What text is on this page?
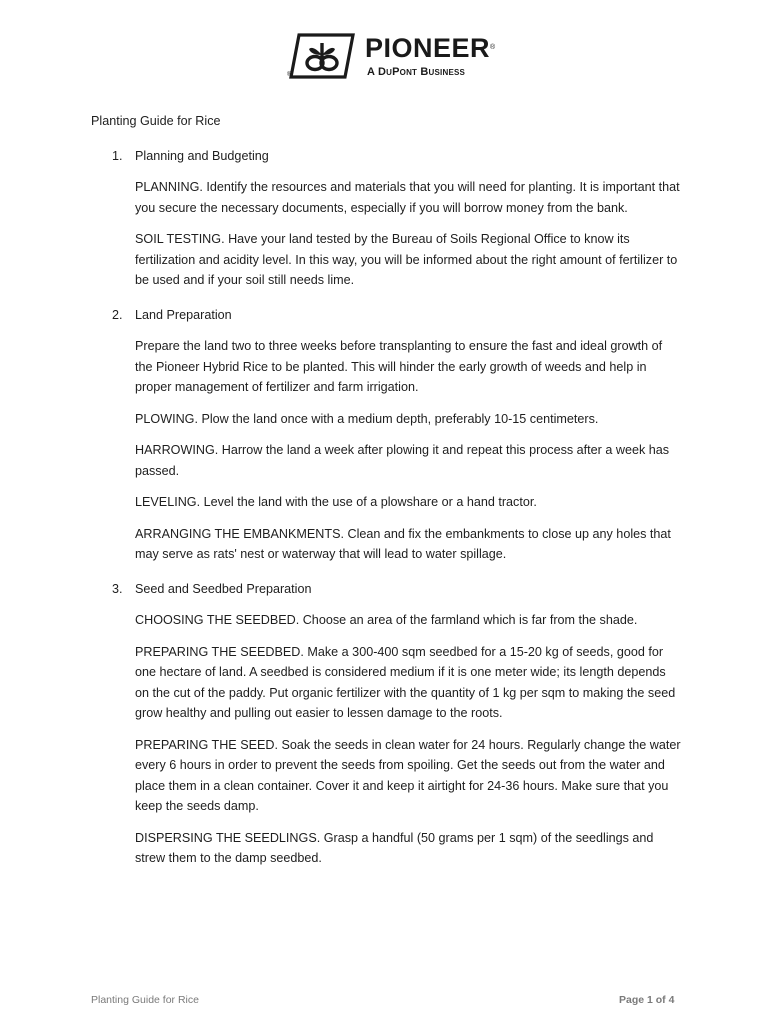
®
PIONEER®
A DuPont Business
Planting Guide for Rice
1. Planning and Budgeting
PLANNING. Identify the resources and materials that you will need for planting. It is important that you secure the necessary documents, especially if you will borrow money from the bank.
SOIL TESTING. Have your land tested by the Bureau of Soils Regional Office to know its fertilization and acidity level. In this way, you will be informed about the right amount of fertilizer to be used and if your soil still needs lime.
2. Land Preparation
Prepare the land two to three weeks before transplanting to ensure the fast and ideal growth of the Pioneer Hybrid Rice to be planted. This will hinder the early growth of weeds and help in proper management of fertilizer and farm irrigation.
PLOWING. Plow the land once with a medium depth, preferably 10-15 centimeters.
HARROWING. Harrow the land a week after plowing it and repeat this process after a week has passed.
LEVELING. Level the land with the use of a plowshare or a hand tractor.
ARRANGING THE EMBANKMENTS. Clean and fix the embankments to close up any holes that may serve as rats' nest or waterway that will lead to water spillage.
3. Seed and Seedbed Preparation
CHOOSING THE SEEDBED. Choose an area of the farmland which is far from the shade.
PREPARING THE SEEDBED. Make a 300-400 sqm seedbed for a 15-20 kg of seeds, good for one hectare of land. A seedbed is considered medium if it is one meter wide; its length depends on the cut of the paddy. Put organic fertilizer with the quantity of 1 kg per sqm to making the seed grow healthy and pulling out easier to lessen damage to the roots.
PREPARING THE SEED. Soak the seeds in clean water for 24 hours. Regularly change the water every 6 hours in order to prevent the seeds from spoiling. Get the seeds out from the water and place them in a clean container. Cover it and keep it airtight for 24-36 hours. Make sure that you keep the seeds damp.
DISPERSING THE SEEDLINGS. Grasp a handful (50 grams per 1 sqm) of the seedlings and strew them to the damp seedbed.
Planting Guide for Rice	Page 1 of 4
